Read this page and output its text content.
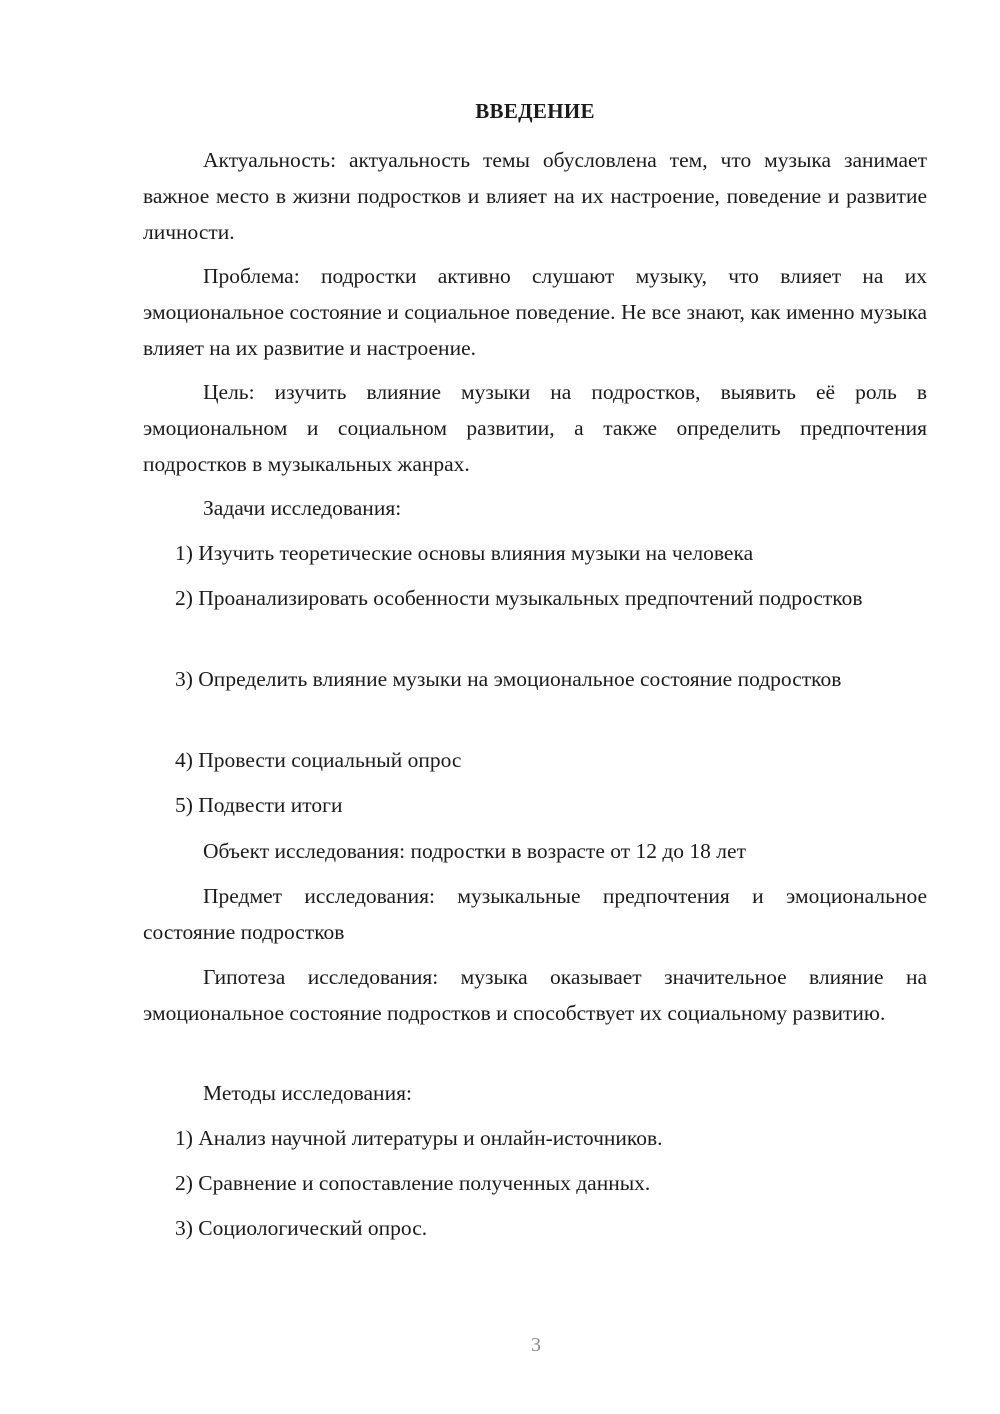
ВВЕДЕНИЕ

Актуальность: актуальность темы обусловлена тем, что музыка занимает важное место в жизни подростков и влияет на их настроение, поведение и развитие личности.

Проблема: подростки активно слушают музыку, что влияет на их эмоциональное состояние и социальное поведение. Не все знают, как именно музыка влияет на их развитие и настроение.

Цель: изучить влияние музыки на подростков, выявить её роль в эмоциональном и социальном развитии, а также определить предпочтения подростков в музыкальных жанрах.

Задачи исследования:

1) Изучить теоретические основы влияния музыки на человека

2) Проанализировать особенности музыкальных предпочтений подростков

3) Определить влияние музыки на эмоциональное состояние подростков

4) Провести социальный опрос

5) Подвести итоги

Объект исследования: подростки в возрасте от 12 до 18 лет

Предмет исследования: музыкальные предпочтения и эмоциональное состояние подростков

Гипотеза исследования: музыка оказывает значительное влияние на эмоциональное состояние подростков и способствует их социальному развитию.

Методы исследования:

1) Анализ научной литературы и онлайн-источников.

2) Сравнение и сопоставление полученных данных.

3) Социологический опрос.

3
